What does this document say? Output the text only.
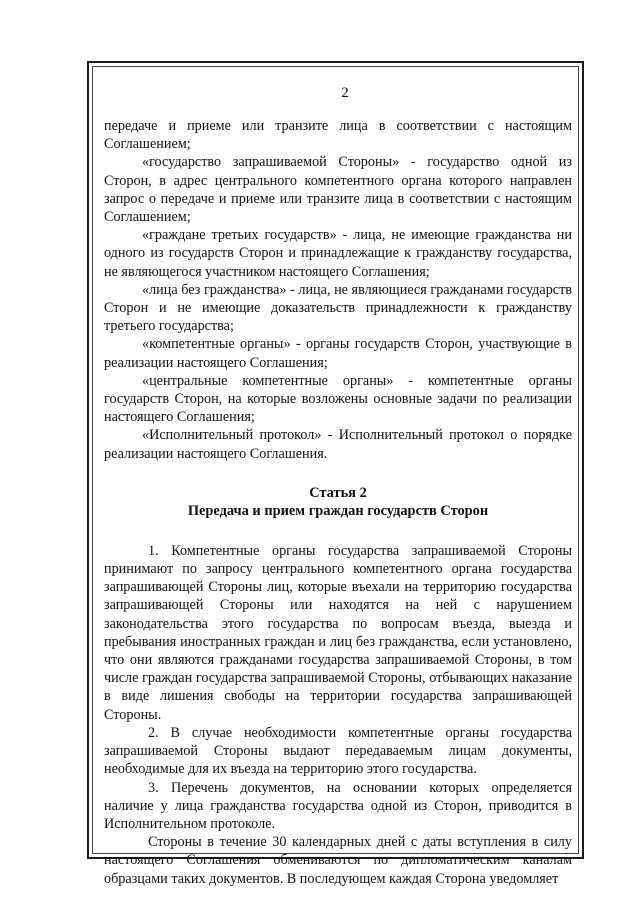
2

передаче и приеме или транзите лица в соответствии с настоящим Соглашением;

«государство запрашиваемой Стороны» - государство одной из Сторон, в адрес центрального компетентного органа которого направлен запрос о передаче и приеме или транзите лица в соответствии с настоящим Соглашением;

«граждане третьих государств» - лица, не имеющие гражданства ни одного из государств Сторон и принадлежащие к гражданству государства, не являющегося участником настоящего Соглашения;

«лица без гражданства» - лица, не являющиеся гражданами государств Сторон и не имеющие доказательств принадлежности к гражданству третьего государства;

«компетентные органы» - органы государств Сторон, участвующие в реализации настоящего Соглашения;

«центральные компетентные органы» - компетентные органы государств Сторон, на которые возложены основные задачи по реализации настоящего Соглашения;

«Исполнительный протокол» - Исполнительный протокол о порядке реализации настоящего Соглашения.

Статья 2
Передача и прием граждан государств Сторон

1. Компетентные органы государства запрашиваемой Стороны принимают по запросу центрального компетентного органа государства запрашивающей Стороны лиц, которые въехали на территорию государства запрашивающей Стороны или находятся на ней с нарушением законодательства этого государства по вопросам въезда, выезда и пребывания иностранных граждан и лиц без гражданства, если установлено, что они являются гражданами государства запрашиваемой Стороны, в том числе граждан государства запрашиваемой Стороны, отбывающих наказание в виде лишения свободы на территории государства запрашивающей Стороны.

2. В случае необходимости компетентные органы государства запрашиваемой Стороны выдают передаваемым лицам документы, необходимые для их въезда на территорию этого государства.

3. Перечень документов, на основании которых определяется наличие у лица гражданства государства одной из Сторон, приводится в Исполнительном протоколе.

Стороны в течение 30 календарных дней с даты вступления в силу настоящего Соглашения обмениваются по дипломатическим каналам образцами таких документов. В последующем каждая Сторона уведомляет
